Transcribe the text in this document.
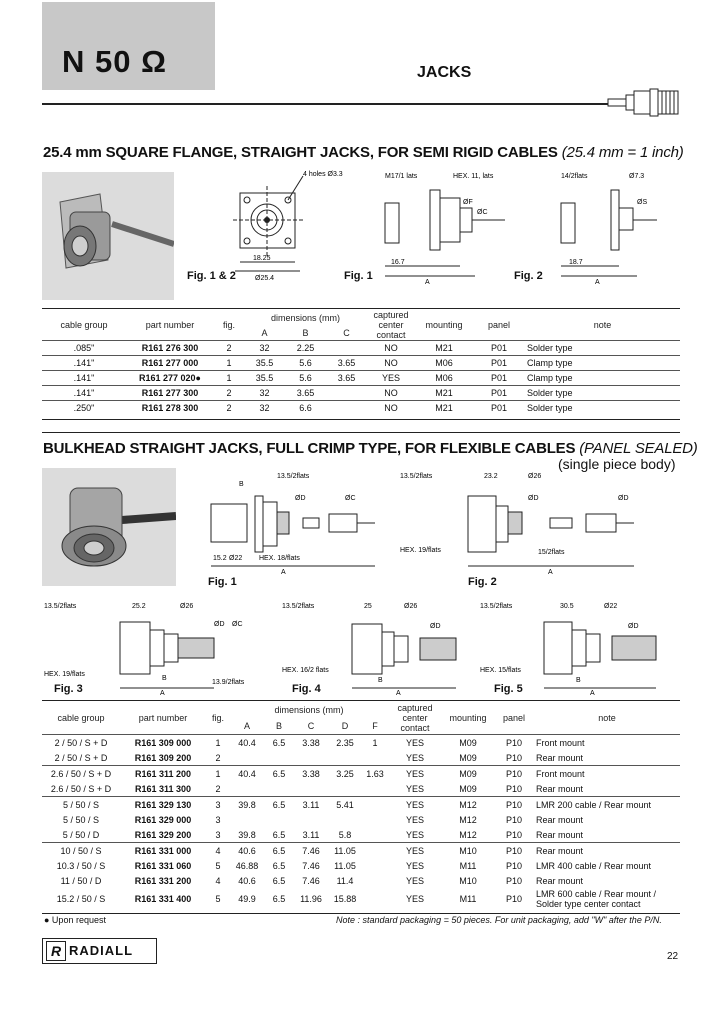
N 50 Ω	JACKS
25.4 mm SQUARE FLANGE, STRAIGHT JACKS, FOR SEMI RIGID CABLES (25.4 mm = 1 inch)
4 holes Ø3.3
18.25
Ø25.4
Fig. 1 & 2
M17/1 lats	HEX. 11, lats
ØF
ØC
16.7
A
Fig. 1
14/2flats	Ø7.3
ØS
18.7
A
Fig. 2
cable group	part number	fig.	dimensions (mm)			captured
center
contact	mounting	panel	note
			A	B	C				
.085"	R161 276 300	2	32	2.25		NO	M21	P01	Solder type
.141"	R161 277 000	1	35.5	5.6	3.65	NO	M06	P01	Clamp type
.141"	R161 277 020●	1	35.5	5.6	3.65	YES	M06	P01	Clamp type
.141"	R161 277 300	2	32	3.65		NO	M21	P01	Solder type
.250"	R161 278 300	2	32	6.6		NO	M21	P01	Solder type
BULKHEAD STRAIGHT JACKS, FULL CRIMP TYPE, FOR FLEXIBLE CABLES (PANEL SEALED)
(single piece body)
13.5/2flats
B
ØD	ØC
15.2 Ø22 HEX. 18/flats
A
Fig. 1
13.5/2flats	23.2	Ø26
ØD	ØD
HEX. 19/flats	15/2flats
A
Fig. 2
13.5/2flats	25.2	Ø26
ØD ØC
HEX. 19/flats
B
13.9/2flats
A
Fig. 3
13.5/2flats	25	Ø26
ØD
HEX. 16/2 flats
B
A
Fig. 4
13.5/2flats	30.5	Ø22
ØD
HEX. 15/flats
B
A
Fig. 5
cable group	part number	fig.	dimensions (mm)					captured
center
contact	mounting	panel	note
			A	B	C	D	F				
2 / 50 / S + D	R161 309 000	1	40.4	6.5	3.38	2.35	1	YES	M09	P10	Front mount
2 / 50 / S + D	R161 309 200	2						YES	M09	P10	Rear mount
2.6 / 50 / S + D	R161 311 200	1	40.4	6.5	3.38	3.25	1.63	YES	M09	P10	Front mount
2.6 / 50 / S + D	R161 311 300	2						YES	M09	P10	Rear mount
5 / 50 / S	R161 329 130	3	39.8	6.5	3.11	5.41		YES	M12	P10	LMR 200 cable / Rear mount
5 / 50 / S	R161 329 000	3						YES	M12	P10	Rear mount
5 / 50 / D	R161 329 200	3	39.8	6.5	3.11	5.8		YES	M12	P10	Rear mount
10 / 50 / S	R161 331 000	4	40.6	6.5	7.46	11.05		YES	M10	P10	Rear mount
10.3 / 50 / S	R161 331 060	5	46.88	6.5	7.46	11.05		YES	M11	P10	LMR 400 cable / Rear mount
11 / 50 / D	R161 331 200	4	40.6	6.5	7.46	11.4		YES	M10	P10	Rear mount
15.2 / 50 / S	R161 331 400	5	49.9	6.5	11.96	15.88		YES	M11	P10	LMR 600 cable / Rear mount / Solder type center contact
● Upon request	Note : standard packaging = 50 pieces. For unit packaging, add "W" after the P/N.
R RADIALL	22
